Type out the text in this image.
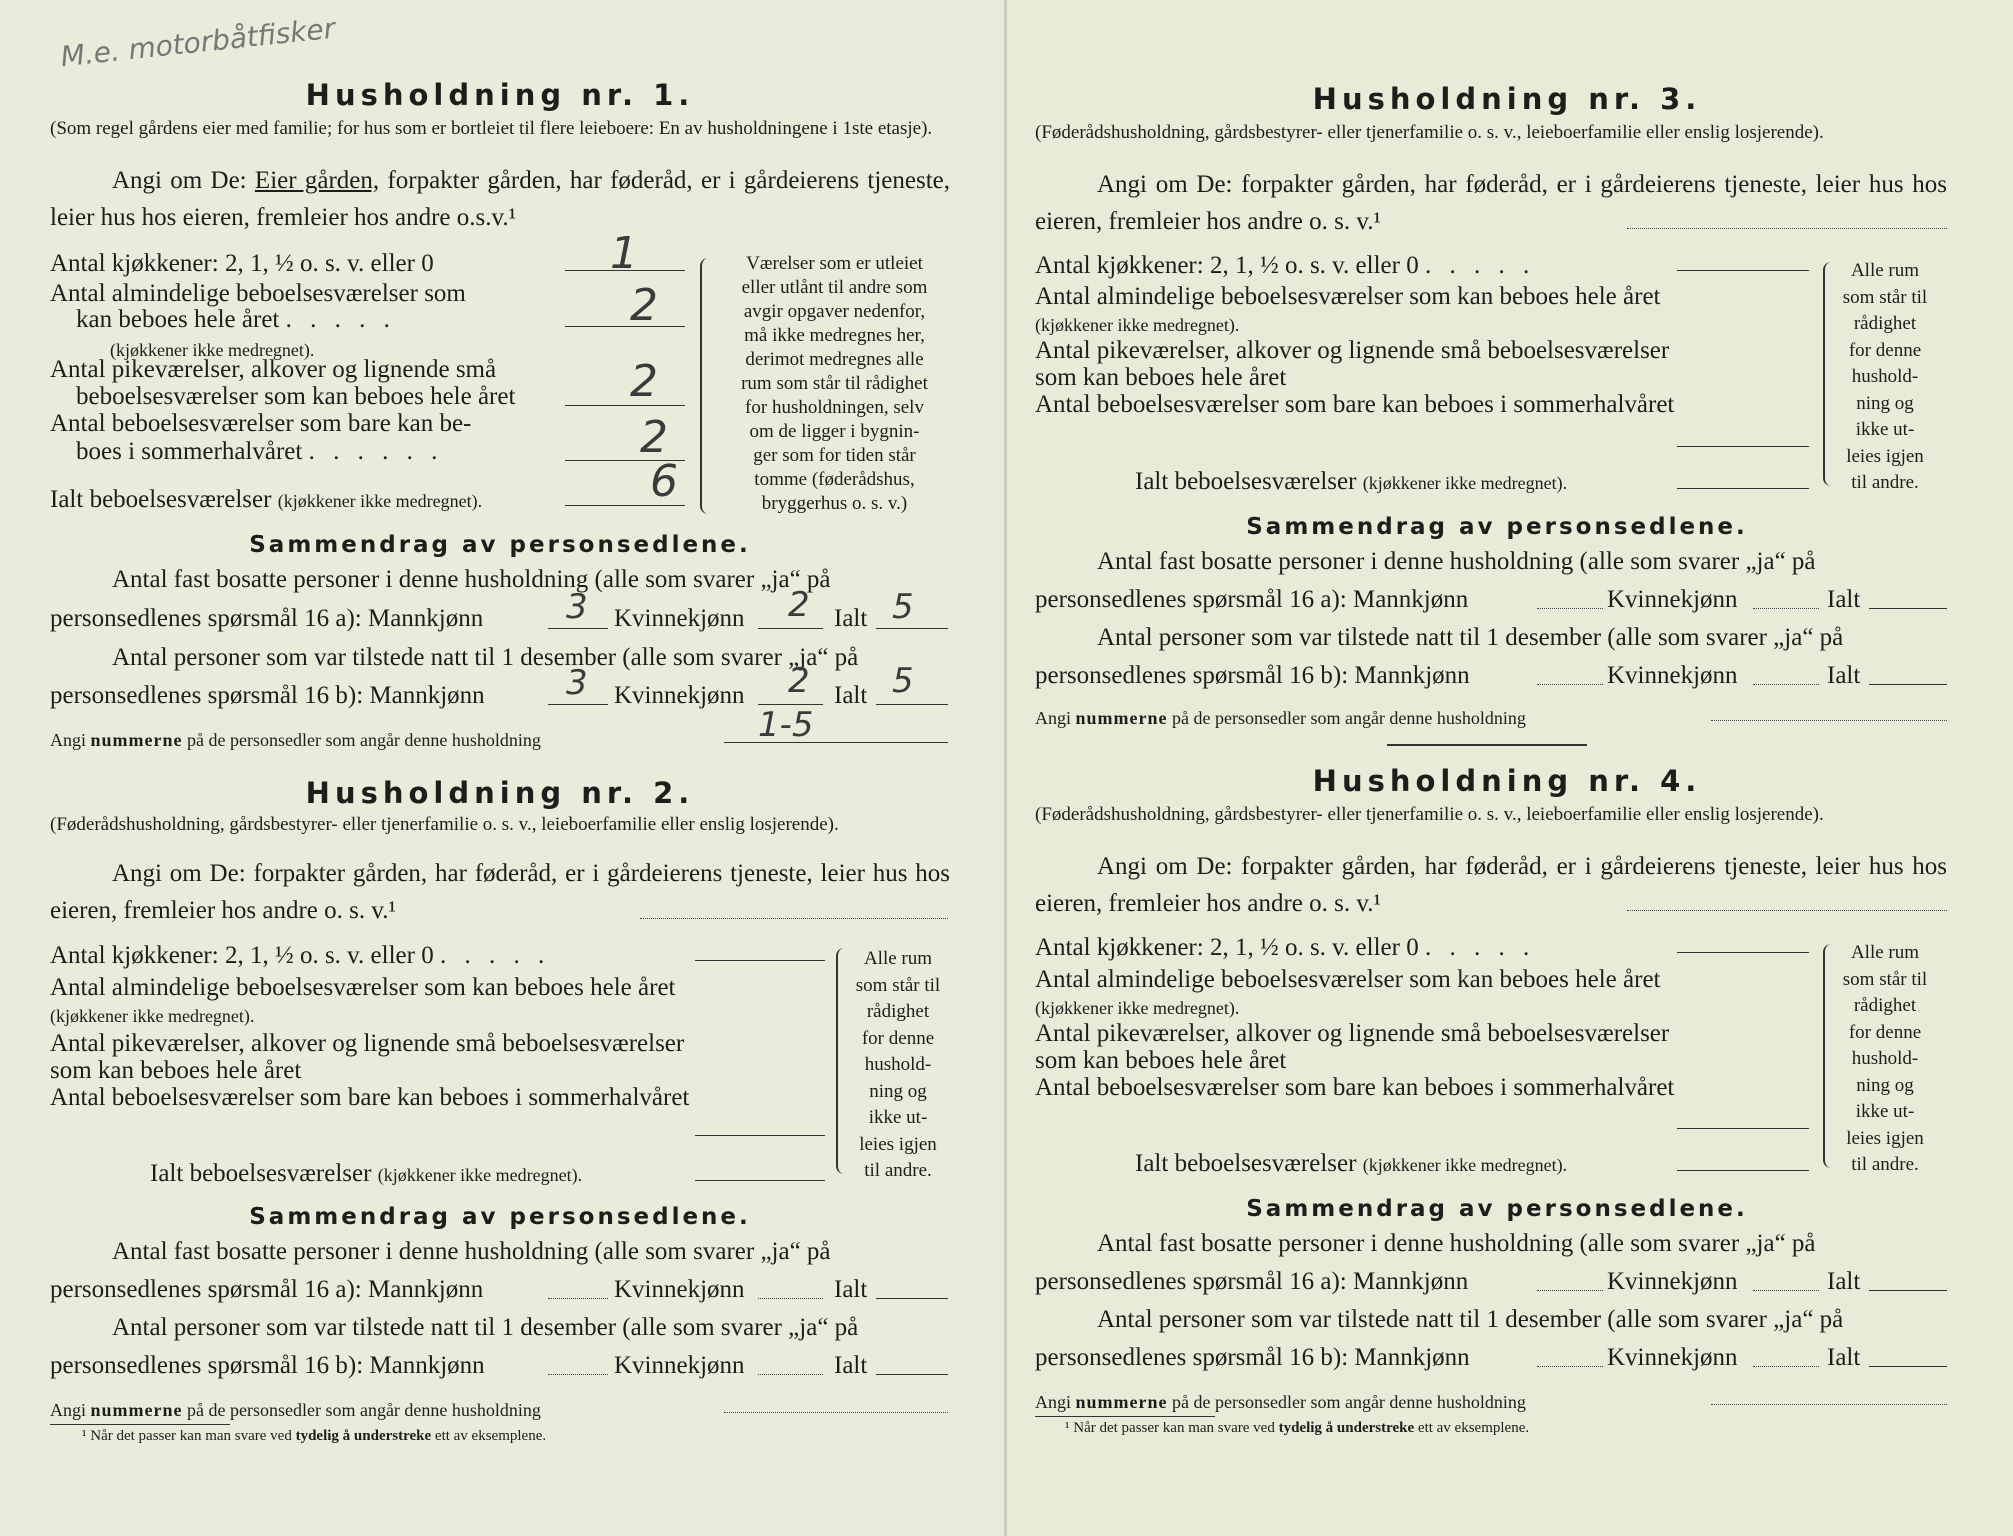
M.e. motorbåtfisker
Husholdning nr. 1.
(Som regel gårdens eier med familie; for hus som er bortleiet til flere leieboere: En av husholdningene i 1ste etasje).
Angi om De: Eier gården, forpakter gården, har føderåd, er i gårdeierens tjeneste, leier hus hos eieren, fremleier hos andre o.s.v.¹
Antal kjøkkener: 2, 1, ½ o. s. v. eller 0	1
Antal almindelige beboelsesværelser som
kan beboes hele året . . . . .
(kjøkkener ikke medregnet).
2
Antal pikeværelser, alkover og lignende små
beboelsesværelser som kan beboes hele året	2
Antal beboelsesværelser som bare kan be-
boes i sommerhalvåret . . . . . .	2
Ialt beboelsesværelser (kjøkkener ikke medregnet).	6
Værelser som er utleiet
eller utlånt til andre som
avgir opgaver nedenfor,
må ikke medregnes her,
derimot medregnes alle
rum som står til rådighet
for husholdningen, selv
om de ligger i bygnin-
ger som for tiden står
tomme (føderådshus,
bryggerhus o. s. v.)
Sammendrag av personsedlene.
Antal fast bosatte personer i denne husholdning (alle som svarer „ja“ på
personsedlenes spørsmål 16 a): Mannkjønn 3 Kvinnekjønn 2 Ialt 5
Antal personer som var tilstede natt til 1 desember (alle som svarer „ja“ på
personsedlenes spørsmål 16 b): Mannkjønn 3 Kvinnekjønn 2 Ialt 5
Angi nummerne på de personsedler som angår denne husholdning	1-5
Husholdning nr. 2.
(Føderådshusholdning, gårdsbestyrer- eller tjenerfamilie o. s. v., leieboerfamilie eller enslig losjerende).
Angi om De: forpakter gården, har føderåd, er i gårdeierens tjeneste, leier hus hos eieren, fremleier hos andre o. s. v.¹
Antal kjøkkener: 2, 1, ½ o. s. v. eller 0 . . . . .
Antal almindelige beboelsesværelser som kan beboes hele året (kjøkkener ikke medregnet).
Antal pikeværelser, alkover og lignende små beboelsesværelser som kan beboes hele året
Antal beboelsesværelser som bare kan beboes i sommerhalvåret
Ialt beboelsesværelser (kjøkkener ikke medregnet).
Alle rum
som står til
rådighet
for denne
hushold-
ning og
ikke ut-
leies igjen
til andre.
Sammendrag av personsedlene.
Antal fast bosatte personer i denne husholdning (alle som svarer „ja“ på
personsedlenes spørsmål 16 a): Mannkjønn	Kvinnekjønn	Ialt
Antal personer som var tilstede natt til 1 desember (alle som svarer „ja“ på
personsedlenes spørsmål 16 b): Mannkjønn	Kvinnekjønn	Ialt
Angi nummerne på de personsedler som angår denne husholdning
¹ Når det passer kan man svare ved tydelig å understreke ett av eksemplene.
Husholdning nr. 3.
(Føderådshusholdning, gårdsbestyrer- eller tjenerfamilie o. s. v., leieboerfamilie eller enslig losjerende).
Angi om De: forpakter gården, har føderåd, er i gårdeierens tjeneste, leier hus hos eieren, fremleier hos andre o. s. v.¹
Antal kjøkkener: 2, 1, ½ o. s. v. eller 0 . . . . .
Antal almindelige beboelsesværelser som kan beboes hele året (kjøkkener ikke medregnet).
Antal pikeværelser, alkover og lignende små beboelsesværelser som kan beboes hele året
Antal beboelsesværelser som bare kan beboes i sommerhalvåret
Ialt beboelsesværelser (kjøkkener ikke medregnet).
Alle rum
som står til
rådighet
for denne
hushold-
ning og
ikke ut-
leies igjen
til andre.
Sammendrag av personsedlene.
Antal fast bosatte personer i denne husholdning (alle som svarer „ja“ på
personsedlenes spørsmål 16 a): Mannkjønn	Kvinnekjønn	Ialt
Antal personer som var tilstede natt til 1 desember (alle som svarer „ja“ på
personsedlenes spørsmål 16 b): Mannkjønn	Kvinnekjønn	Ialt
Angi nummerne på de personsedler som angår denne husholdning
Husholdning nr. 4.
(Føderådshusholdning, gårdsbestyrer- eller tjenerfamilie o. s. v., leieboerfamilie eller enslig losjerende).
Angi om De: forpakter gården, har føderåd, er i gårdeierens tjeneste, leier hus hos eieren, fremleier hos andre o. s. v.¹
Antal kjøkkener: 2, 1, ½ o. s. v. eller 0 . . . . .
Antal almindelige beboelsesværelser som kan beboes hele året (kjøkkener ikke medregnet).
Antal pikeværelser, alkover og lignende små beboelsesværelser som kan beboes hele året
Antal beboelsesværelser som bare kan beboes i sommerhalvåret
Ialt beboelsesværelser (kjøkkener ikke medregnet).
Alle rum
som står til
rådighet
for denne
hushold-
ning og
ikke ut-
leies igjen
til andre.
Sammendrag av personsedlene.
Antal fast bosatte personer i denne husholdning (alle som svarer „ja“ på
personsedlenes spørsmål 16 a): Mannkjønn	Kvinnekjønn	Ialt
Antal personer som var tilstede natt til 1 desember (alle som svarer „ja“ på
personsedlenes spørsmål 16 b): Mannkjønn	Kvinnekjønn	Ialt
Angi nummerne på de personsedler som angår denne husholdning
¹ Når det passer kan man svare ved tydelig å understreke ett av eksemplene.
